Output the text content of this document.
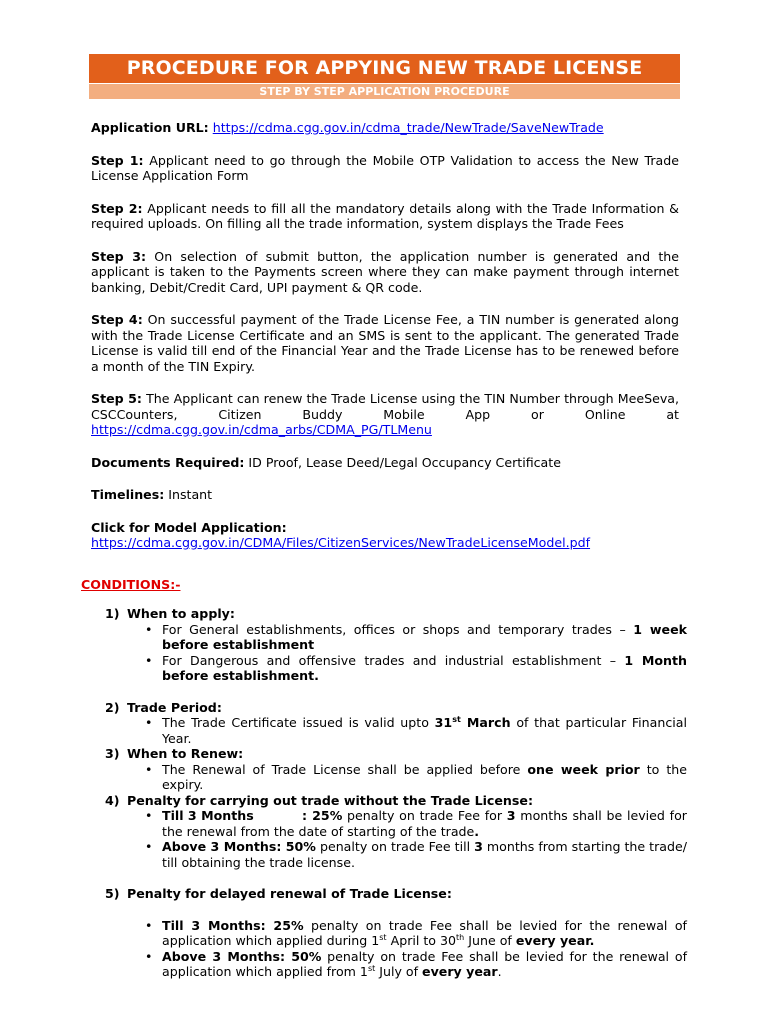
PROCEDURE FOR APPYING NEW TRADE LICENSE
STEP BY STEP APPLICATION PROCEDURE

Application URL: https://cdma.cgg.gov.in/cdma_trade/NewTrade/SaveNewTrade

Step 1: Applicant need to go through the Mobile OTP Validation to access the New Trade License Application Form

Step 2: Applicant needs to fill all the mandatory details along with the Trade Information & required uploads. On filling all the trade information, system displays the Trade Fees

Step 3: On selection of submit button, the application number is generated and the applicant is taken to the Payments screen where they can make payment through internet banking, Debit/Credit Card, UPI payment & QR code.

Step 4: On successful payment of the Trade License Fee, a TIN number is generated along with the Trade License Certificate and an SMS is sent to the applicant. The generated Trade License is valid till end of the Financial Year and the Trade License has to be renewed before a month of the TIN Expiry.

Step 5: The Applicant can renew the Trade License using the TIN Number through MeeSeva, CSCCounters, Citizen Buddy Mobile App or Online at

https://cdma.cgg.gov.in/cdma_arbs/CDMA_PG/TLMenu

Documents Required: ID Proof, Lease Deed/Legal Occupancy Certificate

Timelines: Instant

Click for Model Application:
https://cdma.cgg.gov.in/CDMA/Files/CitizenServices/NewTradeLicenseModel.pdf

CONDITIONS:-
1) When to apply:
• For General establishments, offices or shops and temporary trades – 1 week before establishment
• For Dangerous and offensive trades and industrial establishment – 1 Month before establishment.
2) Trade Period:
• The Trade Certificate issued is valid upto 31st March of that particular Financial Year.
3) When to Renew:
• The Renewal of Trade License shall be applied before one week prior to the expiry.
4) Penalty for carrying out trade without the Trade License:
• Till 3 Months	: 25% penalty on trade Fee for 3 months shall be levied for the renewal from the date of starting of the trade.
• Above 3 Months: 50% penalty on trade Fee till 3 months from starting the trade/ till obtaining the trade license.
5) Penalty for delayed renewal of Trade License:
• Till 3 Months: 25% penalty on trade Fee shall be levied for the renewal of application which applied during 1st April to 30th June of every year.
• Above 3 Months: 50% penalty on trade Fee shall be levied for the renewal of application which applied from 1st July of every year.
